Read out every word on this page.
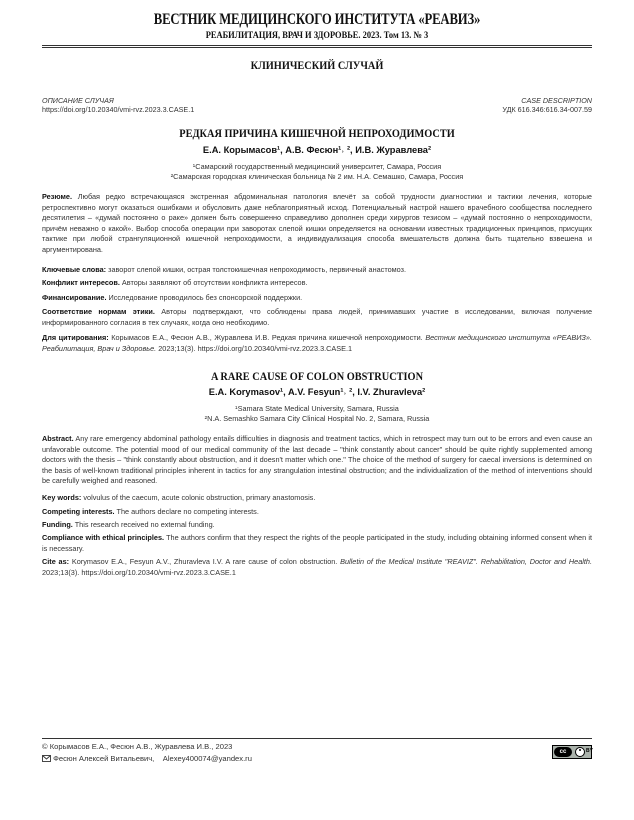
ВЕСТНИК МЕДИЦИНСКОГО ИНСТИТУТА «РЕАВИЗ»
РЕАБИЛИТАЦИЯ, ВРАЧ И ЗДОРОВЬЕ. 2023. Том 13. № 3
КЛИНИЧЕСКИЙ СЛУЧАЙ
ОПИСАНИЕ СЛУЧАЯ	CASE DESCRIPTION
https://doi.org/10.20340/vmi-rvz.2023.3.CASE.1	УДК 616.346:616.34-007.59
РЕДКАЯ ПРИЧИНА КИШЕЧНОЙ НЕПРОХОДИМОСТИ
Е.А. Корымасов¹, А.В. Фесюн¹˒ ², И.В. Журавлева²
¹Самарский государственный медицинский университет, Самара, Россия
²Самарская городская клиническая больница № 2 им. Н.А. Семашко, Самара, Россия
Резюме. Любая редко встречающаяся экстренная абдоминальная патология влечёт за собой трудности диагностики и тактики лечения, которые ретроспективно могут оказаться ошибками и обусловить даже неблагоприятный исход. Потенциальный настрой нашего врачебного сообщества последнего десятилетия – «думай постоянно о раке» должен быть совершенно справедливо дополнен среди хирургов тезисом – «думай постоянно о непроходимости, причём неважно о какой». Выбор способа операции при заворотах слепой кишки определяется на основании известных традиционных принципов, присущих тактике при любой странгуляционной кишечной непроходимости, а индивидуализация способа вмешательств должна быть тщательно взвешена и аргументирована.
Ключевые слова: заворот слепой кишки, острая толстокишечная непроходимость, первичный анастомоз.
Конфликт интересов. Авторы заявляют об отсутствии конфликта интересов.
Финансирование. Исследование проводилось без спонсорской поддержки.
Соответствие нормам этики. Авторы подтверждают, что соблюдены права людей, принимавших участие в исследовании, включая получение информированного согласия в тех случаях, когда оно необходимо.
Для цитирования: Корымасов Е.А., Фесюн А.В., Журавлева И.В. Редкая причина кишечной непроходимости. Вестник медицинского института «РЕАВИЗ». Реабилитация, Врач и Здоровье. 2023;13(3). https://doi.org/10.20340/vmi-rvz.2023.3.CASE.1
A RARE CAUSE OF COLON OBSTRUCTION
E.A. Korymasov¹, A.V. Fesyun¹˒ ², I.V. Zhuravleva²
¹Samara State Medical University, Samara, Russia
²N.A. Semashko Samara City Clinical Hospital No. 2, Samara, Russia
Abstract. Any rare emergency abdominal pathology entails difficulties in diagnosis and treatment tactics, which in retrospect may turn out to be errors and even cause an unfavorable outcome. The potential mood of our medical community of the last decade – "think constantly about cancer" should be quite rightly supplemented among doctors with the thesis – "think constantly about obstruction, and it doesn't matter which one." The choice of the method of surgery for caecal inversions is determined on the basis of well-known traditional principles inherent in tactics for any strangulation intestinal obstruction; and the individualization of the method of interventions should be carefully weighed and reasoned.
Key words: volvulus of the caecum, acute colonic obstruction, primary anastomosis.
Competing interests. The authors declare no competing interests.
Funding. This research received no external funding.
Compliance with ethical principles. The authors confirm that they respect the rights of the people participated in the study, including obtaining informed consent when it is necessary.
Cite as: Korymasov E.A., Fesyun A.V., Zhuravleva I.V. A rare cause of colon obstruction. Bulletin of the Medical Institute "REAVIZ". Rehabilitation, Doctor and Health. 2023;13(3). https://doi.org/10.20340/vmi-rvz.2023.3.CASE.1
© Корымасов Е.А., Фесюн А.В., Журавлева И.В., 2023
Фесюн Алексей Витальевич, Alexey400074@yandex.ru
cc	BY
